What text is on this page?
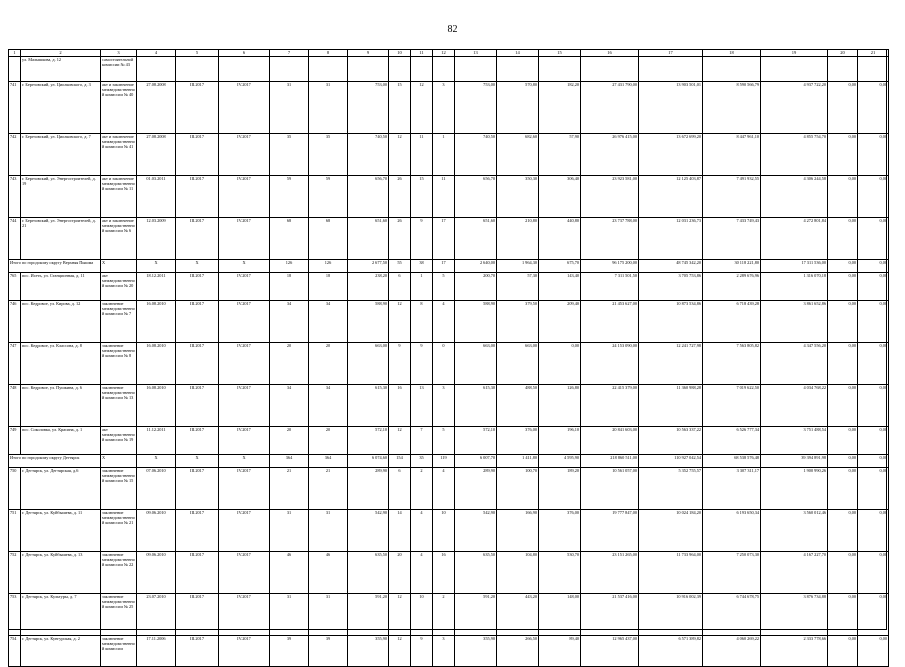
82
1	2	3	4	5	6	7	8	9	10	11	12	13	14	15	16	17	18	19	20	21
	ул. Малышкова, д. 12	самостоятельной комиссии № 43																		
741	г. Березовский, ул. Циолковского, д. 3	акт и заключение межведомственной комиссии № 40	27.08.2008	III.2017	IV.2017	31	31	753,00	15	12	3	753,00	570,80	182,20	27 431 790,00	13 903 501,01	8 590 566,79	4 937 722,20	0,00	0,00
742	г. Березовский, ул. Циолковского, д. 7	акт и заключение межведомственной комиссии № 41	27.08.2008	III.2017	IV.2017	35	35	740,50	12	11	1	740,50	682,60	57,90	26 976 415,00	13 672 699,20	8 447 961,10	4 855 754,70	0,00	0,00
743	г. Березовский, ул. Энергостроителей, д. 19	акт и заключение межведомственной комиссии № 11	01.03.2011	III.2017	IV.2017	59	59	656,70	26	15	11	656,70	350,30	306,40	23 923 581,00	12 125 403,87	7 491 932,55	4 306 244,58	0,00	0,00
744	г. Березовский, ул. Энергостроителей, д. 21	акт и заключение межведомственной комиссии № 6	12.03.2009	III.2017	IV.2017	68	68	651,60	26	9	17	651,60	210,80	440,80	23 737 788,00	12 031 236,73	7 433 749,43	4 272 801,84	0,00	0,00
Итого по городскому округу Верхняя Пышма		X	X	X	X	126	126	2 677,50	55	38	17	2 640,00	1 964,30	675,70	96 175 200,00	48 745 342,20	30 118 221,80	17 311 536,00	0,00	0,00
765	пос. Исеть, ул. Станционная, д. 11	акт межведомственной комиссии № 20	18.12.2011	III.2017	IV.2017	18	18	238,20	6	1	5	200,70	57,30	143,40	7 311 501,50	3 705 753,86	2 289 676,96	1 316 070,18	0,00	0,00
746	пос. Кедровое, ул. Кирова, д. 12	заключение межведомственной комиссии № 7	16.08.2010	III.2017	IV.2017	34	34	588,90	12	8	4	588,90	379,50	209,40	21 453 627,00	10 873 534,86	6 718 439,28	3 861 652,86	0,00	0,00
747	пос. Кедровое, ул. Классона, д. 8	заключение межведомственной комиссии № 8	16.08.2010	III.2017	IV.2017	20	20	663,00	9	9	0	663,00	663,00	0,00	24 153 090,00	12 241 727,98	7 563 805,82	4 347 556,20	0,00	0,00
748	пос. Кедровое, ул. Пушкина, д. 6	заключение межведомственной комиссии № 13	16.08.2010	III.2017	IV.2017	34	34	615,30	16	13	3	615,30	488,50	126,80	22 415 379,00	11 360 988,28	7 019 622,50	4 034 768,22	0,00	0,00
749	пос. Соколовка, ул. Красина, д. 1	акт межведомственной комиссии № 19	11.12.2011	III.2017	IV.2017	20	20	572,10	12	7	5	572,10	376,00	196,10	20 841 603,00	10 563 337,22	6 526 777,34	3 751 488,54	0,00	0,00
Итого по городскому округу Дегтярск		X	X	X	X	364	364	6 074,60	154	35	119	6 007,70	1 411,80	4 595,90	218 860 511,00	110 927 042,54	68 538 576,48	39 394 891,98	0,00	0,00
750	г. Дегтярск, ул. Дегтярская, д.6	заключение межведомственной комиссии № 15	07.06.2010	III.2017	IV.2017	21	21	289,90	6	2	4	289,90	100,70	189,20	10 561 057,00	5 352 755,57	3 307 311,17	1 900 990,26	0,00	0,00
751	г. Дегтярск, ул. Куйбышева, д. 11	заключение межведомственной комиссии № 21	09.06.2010	III.2017	IV.2017	31	31	542,90	14	4	10	542,90	166,90	376,00	19 777 847,00	10 024 184,20	6 193 650,34	3 560 012,46	0,00	0,00
752	г. Дегтярск, ул. Куйбышева, д. 13	заключение межведомственной комиссии № 22	09.06.2010	III.2017	IV.2017	46	46	635,50	20	4	16	635,50	104,80	530,70	23 151 265,00	11 733 964,00	7 250 073,30	4 167 227,70	0,00	0,00
753	г. Дегтярск, ул. Культуры, д. 7	заключение межведомственной комиссии № 25	23.07.2010	III.2017	IV.2017	31	31	591,20	12	10	2	591,20	443,20	148,00	21 537 416,00	10 916 002,39	6 744 678,75	3 876 734,88	0,00	0,00
754	г. Дегтярск, ул. Кунгурская, д. 2	заключение межведомственной комиссии	17.11.2006	III.2017	IV.2017	39	39	355,90	12	9	3	355,90	266,50	89,40	12 965 437,00	6 571 389,82	4 060 269,22	2 333 778,66	0,00	0,00
